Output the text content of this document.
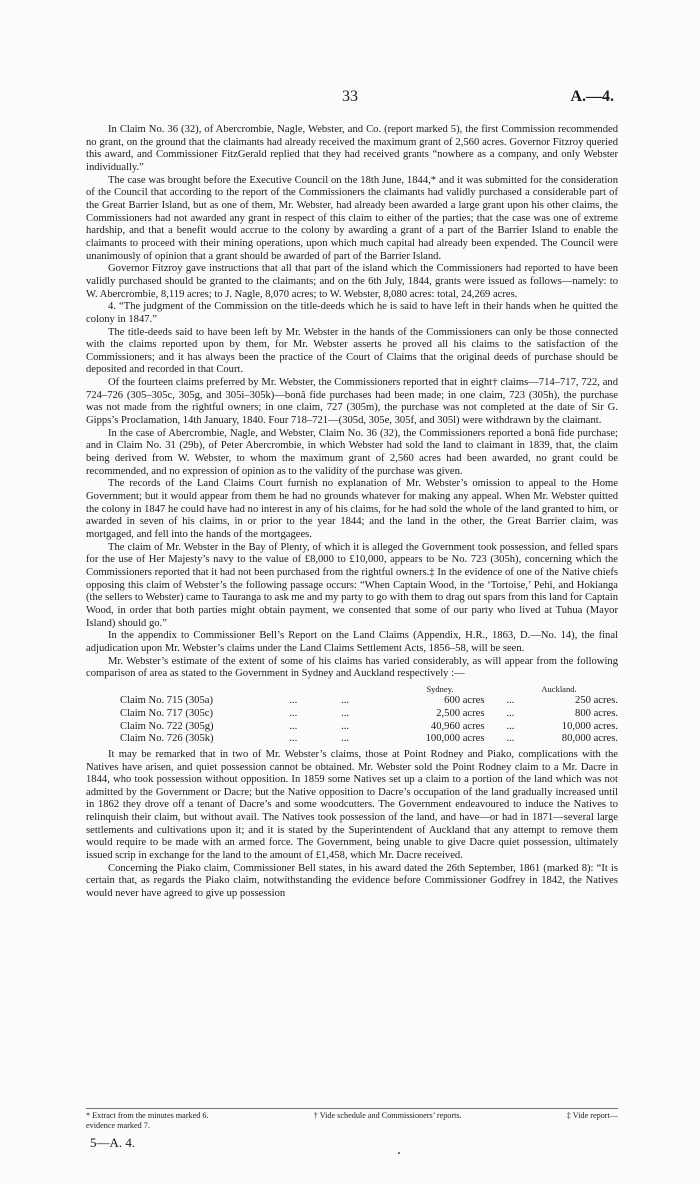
33	A.—4.

In Claim No. 36 (32), of Abercrombie, Nagle, Webster, and Co. (report marked 5), the first Commission recommended no grant, on the ground that the claimants had already received the maximum grant of 2,560 acres. Governor Fitzroy queried this award, and Commissioner FitzGerald replied that they had received grants “nowhere as a company, and only Webster individually.”

The case was brought before the Executive Council on the 18th June, 1844,* and it was submitted for the consideration of the Council that according to the report of the Commissioners the claimants had validly purchased a considerable part of the Great Barrier Island, but as one of them, Mr. Webster, had already been awarded a large grant upon his other claims, the Commissioners had not awarded any grant in respect of this claim to either of the parties; that the case was one of extreme hardship, and that a benefit would accrue to the colony by awarding a grant of a part of the Barrier Island to enable the claimants to proceed with their mining operations, upon which much capital had already been expended. The Council were unanimously of opinion that a grant should be awarded of part of the Barrier Island.

Governor Fitzroy gave instructions that all that part of the island which the Commissioners had reported to have been validly purchased should be granted to the claimants; and on the 6th July, 1844, grants were issued as follows—namely: to W. Abercrombie, 8,119 acres; to J. Nagle, 8,070 acres; to W. Webster, 8,080 acres: total, 24,269 acres.

4. “The judgment of the Commission on the title-deeds which he is said to have left in their hands when he quitted the colony in 1847.”

The title-deeds said to have been left by Mr. Webster in the hands of the Commissioners can only be those connected with the claims reported upon by them, for Mr. Webster asserts he proved all his claims to the satisfaction of the Commissioners; and it has always been the practice of the Court of Claims that the original deeds of purchase should be deposited and recorded in that Court.

Of the fourteen claims preferred by Mr. Webster, the Commissioners reported that in eight† claims—714–717, 722, and 724–726 (305–305c, 305g, and 305i–305k)—bonâ fide purchases had been made; in one claim, 723 (305h), the purchase was not made from the rightful owners; in one claim, 727 (305m), the purchase was not completed at the date of Sir G. Gipps’s Proclamation, 14th January, 1840. Four 718–721—(305d, 305e, 305f, and 305l) were withdrawn by the claimant.

In the case of Abercrombie, Nagle, and Webster, Claim No. 36 (32), the Commissioners reported a bonâ fide purchase; and in Claim No. 31 (29b), of Peter Abercrombie, in which Webster had sold the land to claimant in 1839, that, the claim being derived from W. Webster, to whom the maximum grant of 2,560 acres had been awarded, no grant could be recommended, and no expression of opinion as to the validity of the purchase was given.

The records of the Land Claims Court furnish no explanation of Mr. Webster’s omission to appeal to the Home Government; but it would appear from them he had no grounds whatever for making any appeal. When Mr. Webster quitted the colony in 1847 he could have had no interest in any of his claims, for he had sold the whole of the land granted to him, or awarded in seven of his claims, in or prior to the year 1844; and the land in the other, the Great Barrier claim, was mortgaged, and fell into the hands of the mortgagees.

The claim of Mr. Webster in the Bay of Plenty, of which it is alleged the Government took possession, and felled spars for the use of Her Majesty’s navy to the value of £8,000 to £10,000, appears to be No. 723 (305h), concerning which the Commissioners reported that it had not been purchased from the rightful owners.‡ In the evidence of one of the Native chiefs opposing this claim of Webster’s the following passage occurs: “When Captain Wood, in the ‘Tortoise,’ Pehi, and Hokianga (the sellers to Webster) came to Tauranga to ask me and my party to go with them to drag out spars from this land for Captain Wood, in order that both parties might obtain payment, we consented that some of our party who lived at Tuhua (Mayor Island) should go.”

In the appendix to Commissioner Bell’s Report on the Land Claims (Appendix, H.R., 1863, D.—No. 14), the final adjudication upon Mr. Webster’s claims under the Land Claims Settlement Acts, 1856–58, will be seen.

Mr. Webster’s estimate of the extent of some of his claims has varied considerably, as will appear from the following comparison of area as stated to the Government in Sydney and Auckland respectively :—

Sydney.	Auckland.
Claim No. 715 (305a)	...	...	600 acres	...	250 acres.
Claim No. 717 (305c)	...	...	2,500 acres	...	800 acres.
Claim No. 722 (305g)	...	...	40,960 acres	...	10,000 acres.
Claim No. 726 (305k)	...	...	100,000 acres	...	80,000 acres.

It may be remarked that in two of Mr. Webster’s claims, those at Point Rodney and Piako, complications with the Natives have arisen, and quiet possession cannot be obtained. Mr. Webster sold the Point Rodney claim to a Mr. Dacre in 1844, who took possession without opposition. In 1859 some Natives set up a claim to a portion of the land which was not admitted by the Government or Dacre; but the Native opposition to Dacre’s occupation of the land gradually increased until in 1862 they drove off a tenant of Dacre’s and some woodcutters. The Government endeavoured to induce the Natives to relinquish their claim, but without avail. The Natives took possession of the land, and have—or had in 1871—several large settlements and cultivations upon it; and it is stated by the Superintendent of Auckland that any attempt to remove them would require to be made with an armed force. The Government, being unable to give Dacre quiet possession, ultimately issued scrip in exchange for the land to the amount of £1,458, which Mr. Dacre received.

Concerning the Piako claim, Commissioner Bell states, in his award dated the 26th September, 1861 (marked 8): “It is certain that, as regards the Piako claim, notwithstanding the evidence before Commissioner Godfrey in 1842, the Natives would never have agreed to give up possession

* Extract from the minutes marked 6.	† Vide schedule and Commissioners’ reports.	‡ Vide report—
evidence marked 7.
5—A. 4.
